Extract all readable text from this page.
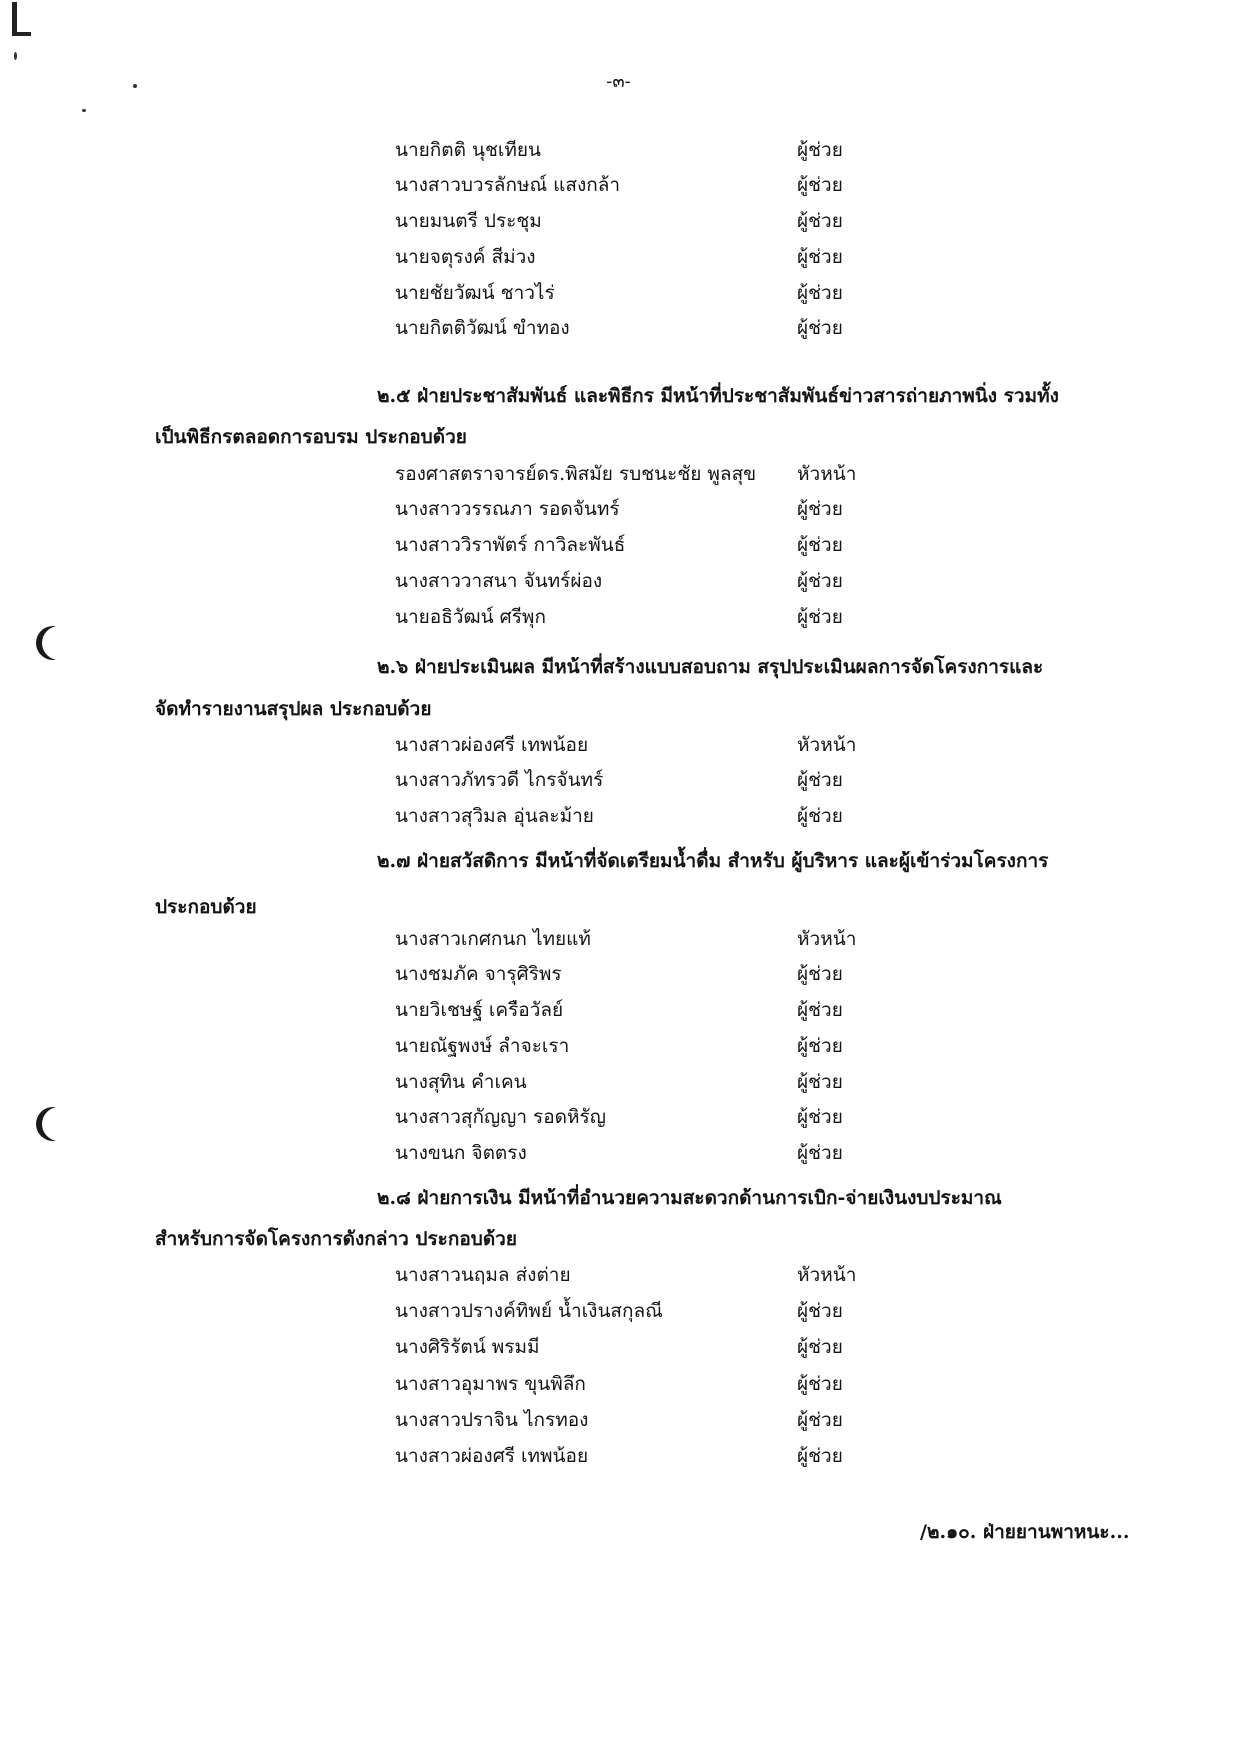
-๓-
นายกิตติ นุชเทียน	ผู้ช่วย
นางสาวบวรลักษณ์ แสงกล้า	ผู้ช่วย
นายมนตรี ประชุม	ผู้ช่วย
นายจตุรงค์ สีม่วง	ผู้ช่วย
นายชัยวัฒน์ ชาวไร่	ผู้ช่วย
นายกิตติวัฒน์ ขำทอง	ผู้ช่วย
๒.๕ ฝ่ายประชาสัมพันธ์ และพิธีกร มีหน้าที่ประชาสัมพันธ์ข่าวสารถ่ายภาพนิ่ง รวมทั้ง
เป็นพิธีกรตลอดการอบรม ประกอบด้วย
รองศาสตราจารย์ดร.พิสมัย รบชนะชัย พูลสุข หัวหน้า
นางสาววรรณภา รอดจันทร์	ผู้ช่วย
นางสาววิราพัตร์ กาวิละพันธ์	ผู้ช่วย
นางสาววาสนา จันทร์ผ่อง	ผู้ช่วย
นายอธิวัฒน์ ศรีพุก	ผู้ช่วย
๒.๖ ฝ่ายประเมินผล มีหน้าที่สร้างแบบสอบถาม สรุปประเมินผลการจัดโครงการและ
จัดทำรายงานสรุปผล ประกอบด้วย
นางสาวผ่องศรี เทพน้อย	หัวหน้า
นางสาวภัทรวดี ไกรจันทร์	ผู้ช่วย
นางสาวสุวิมล อุ่นละม้าย	ผู้ช่วย
๒.๗ ฝ่ายสวัสดิการ มีหน้าที่จัดเตรียมน้ำดื่ม สำหรับ ผู้บริหาร และผู้เข้าร่วมโครงการ
ประกอบด้วย
นางสาวเกศกนก ไทยแท้	หัวหน้า
นางชมภัค จารุศิริพร	ผู้ช่วย
นายวิเชษฐ์ เครือวัลย์	ผู้ช่วย
นายณัฐพงษ์ ลำจะเรา	ผู้ช่วย
นางสุทิน คำเคน	ผู้ช่วย
นางสาวสุกัญญา รอดหิรัญ	ผู้ช่วย
นางขนก จิตตรง	ผู้ช่วย
๒.๘ ฝ่ายการเงิน มีหน้าที่อำนวยความสะดวกด้านการเบิก-จ่ายเงินงบประมาณ
สำหรับการจัดโครงการดังกล่าว ประกอบด้วย
นางสาวนฤมล ส่งต่าย	หัวหน้า
นางสาวปรางค์ทิพย์ น้ำเงินสกุลณี	ผู้ช่วย
นางศิริรัตน์ พรมมี	ผู้ช่วย
นางสาวอุมาพร ขุนพิลึก	ผู้ช่วย
นางสาวปราจิน ไกรทอง	ผู้ช่วย
นางสาวผ่องศรี เทพน้อย	ผู้ช่วย
/๒.๑๐. ฝ่ายยานพาหนะ...
